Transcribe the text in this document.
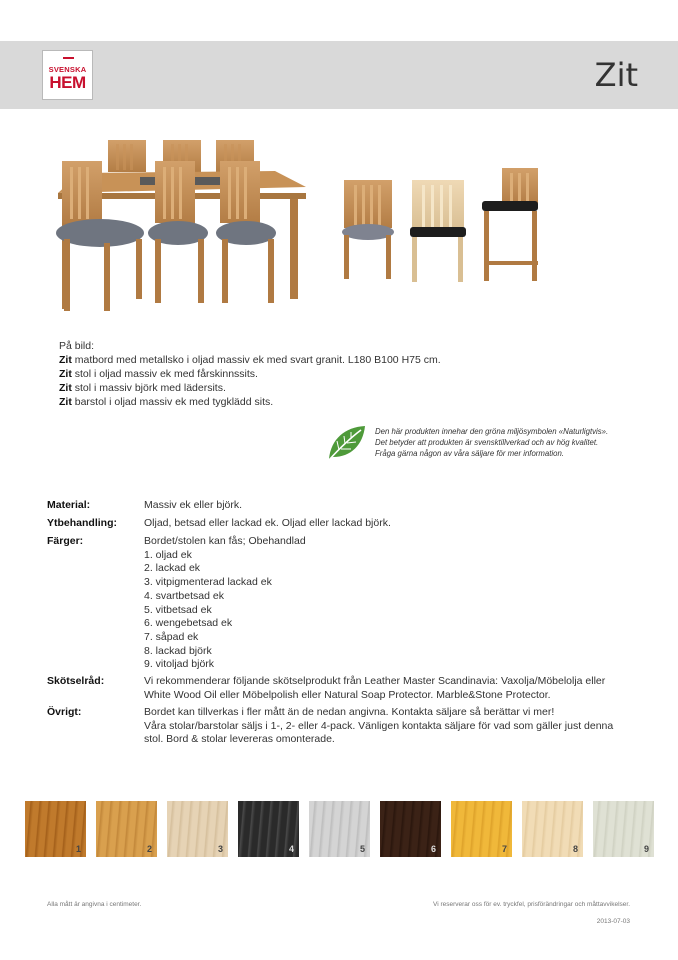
SVENSKA
HEM	Zit
På bild:
Zit matbord med metallsko i oljad massiv ek med svart granit. L180 B100 H75 cm.
Zit stol i oljad massiv ek med fårskinnssits.
Zit stol i massiv björk med lädersits.
Zit barstol i oljad massiv ek med tygklädd sits.
Den här produkten innehar den gröna miljösymbolen «Naturligtvis».
Det betyder att produkten är svensktillverkad och av hög kvalitet.
Fråga gärna någon av våra säljare för mer information.
Material:	Massiv ek eller björk.
Ytbehandling:	Oljad, betsad eller lackad ek. Oljad eller lackad björk.
Färger:	Bordet/stolen kan fås; Obehandlad
1. oljad ek
2. lackad ek
3. vitpigmenterad lackad ek
4. svartbetsad ek
5. vitbetsad ek
6. wengebetsad ek
7. såpad ek
8. lackad björk
9. vitoljad björk
Skötselråd:	Vi rekommenderar följande skötselprodukt från Leather Master Scandinavia: Vaxolja/Möbelolja eller
White Wood Oil eller Möbelpolish eller Natural Soap Protector. Marble&Stone Protector.
Övrigt:	Bordet kan tillverkas i fler mått än de nedan angivna. Kontakta säljare så berättar vi mer!
Våra stolar/barstolar säljs i 1-, 2- eller 4-pack. Vänligen kontakta säljare för vad som gäller just denna
stol. Bord & stolar levereras omonterade.
1	2	3	4	5	6	7	8	9
Alla mått är angivna i centimeter.	Vi reserverar oss för ev. tryckfel, prisförändringar och måttavvikelser.
2013-07-03
